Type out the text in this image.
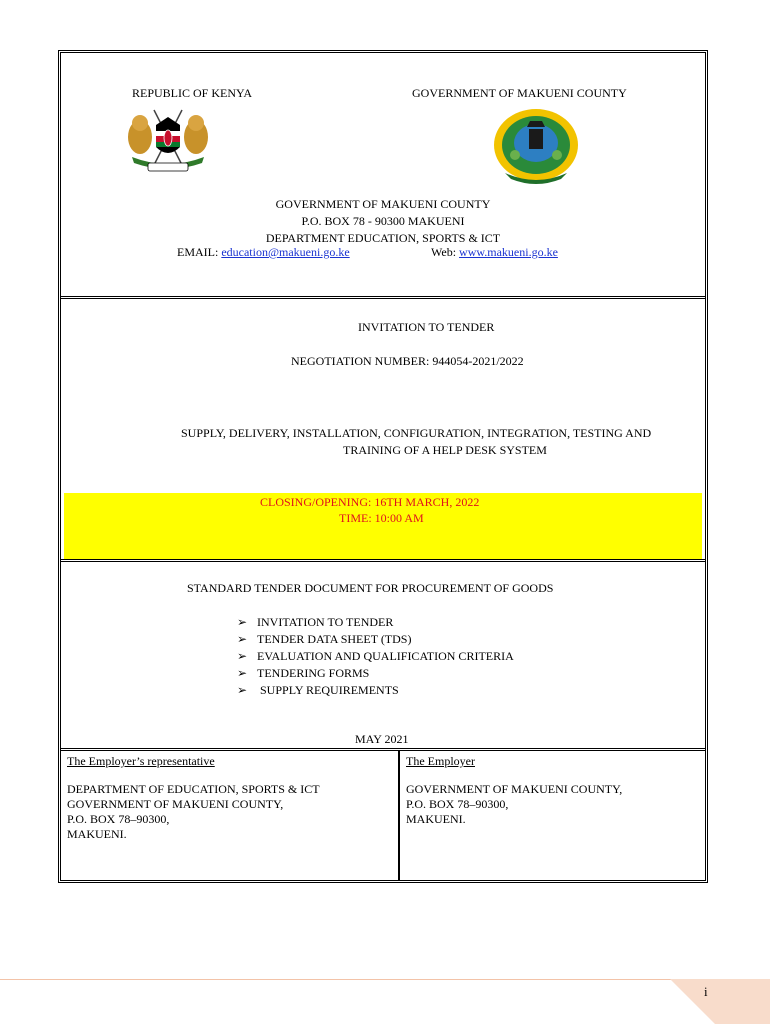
REPUBLIC OF KENYA	GOVERNMENT OF MAKUENI COUNTY
GOVERNMENT OF MAKUENI COUNTY
P.O. BOX 78 - 90300 MAKUENI
DEPARTMENT EDUCATION, SPORTS & ICT
EMAIL: education@makueni.go.ke	Web: www.makueni.go.ke
INVITATION TO TENDER
NEGOTIATION NUMBER: 944054-2021/2022
SUPPLY, DELIVERY, INSTALLATION, CONFIGURATION, INTEGRATION, TESTING AND
TRAINING OF A HELP DESK SYSTEM
CLOSING/OPENING: 16TH MARCH, 2022
TIME: 10:00 AM
STANDARD TENDER DOCUMENT FOR PROCUREMENT OF GOODS
➢ INVITATION TO TENDER
➢ TENDER DATA SHEET (TDS)
➢ EVALUATION AND QUALIFICATION CRITERIA
➢ TENDERING FORMS
➢ SUPPLY REQUIREMENTS
MAY 2021
The Employer’s representative
DEPARTMENT OF EDUCATION, SPORTS & ICT
GOVERNMENT OF MAKUENI COUNTY,
P.O. BOX 78–90300,
MAKUENI.
The Employer
GOVERNMENT OF MAKUENI COUNTY,
P.O. BOX 78–90300,
MAKUENI.
i
